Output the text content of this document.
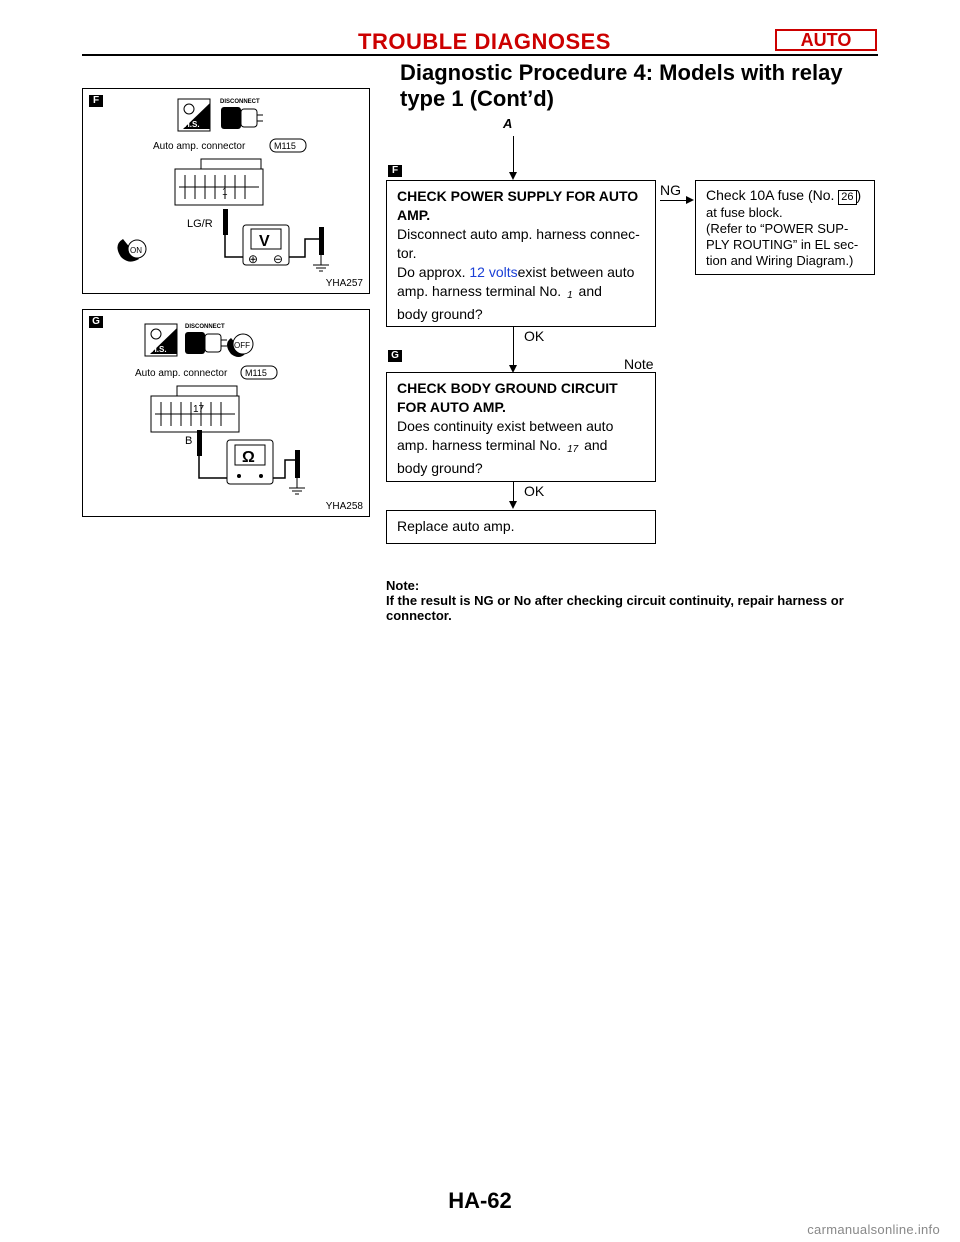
TROUBLE DIAGNOSES	AUTO
Diagnostic Procedure 4: Models with relay type 1 (Cont’d)
F
H.S.
DISCONNECT
Auto amp. connector	M115
1
LG/R
ON
V
⊕ ⊖
YHA257
G
H.S.
DISCONNECT
OFF
Auto amp. connector M115
17
B
Ω
YHA258
A
F
CHECK POWER SUPPLY FOR AUTO AMP.
Disconnect auto amp. harness connec-
tor.
Do approx. 12 voltsexist between auto
amp. harness terminal No. 1 and
body ground?
NG Check 10A fuse (No. 26 )
at fuse block.
(Refer to “POWER SUP-
PLY ROUTING” in EL sec-
tion and Wiring Diagram.)
OK
Note
G
CHECK BODY GROUND CIRCUIT
FOR AUTO AMP.
Does continuity exist between auto
amp. harness terminal No. 17 and
body ground?
OK
Replace auto amp.
Note:
If the result is NG or No after checking circuit continuity, repair harness or connector.
HA-62
carmanualsonline.info
